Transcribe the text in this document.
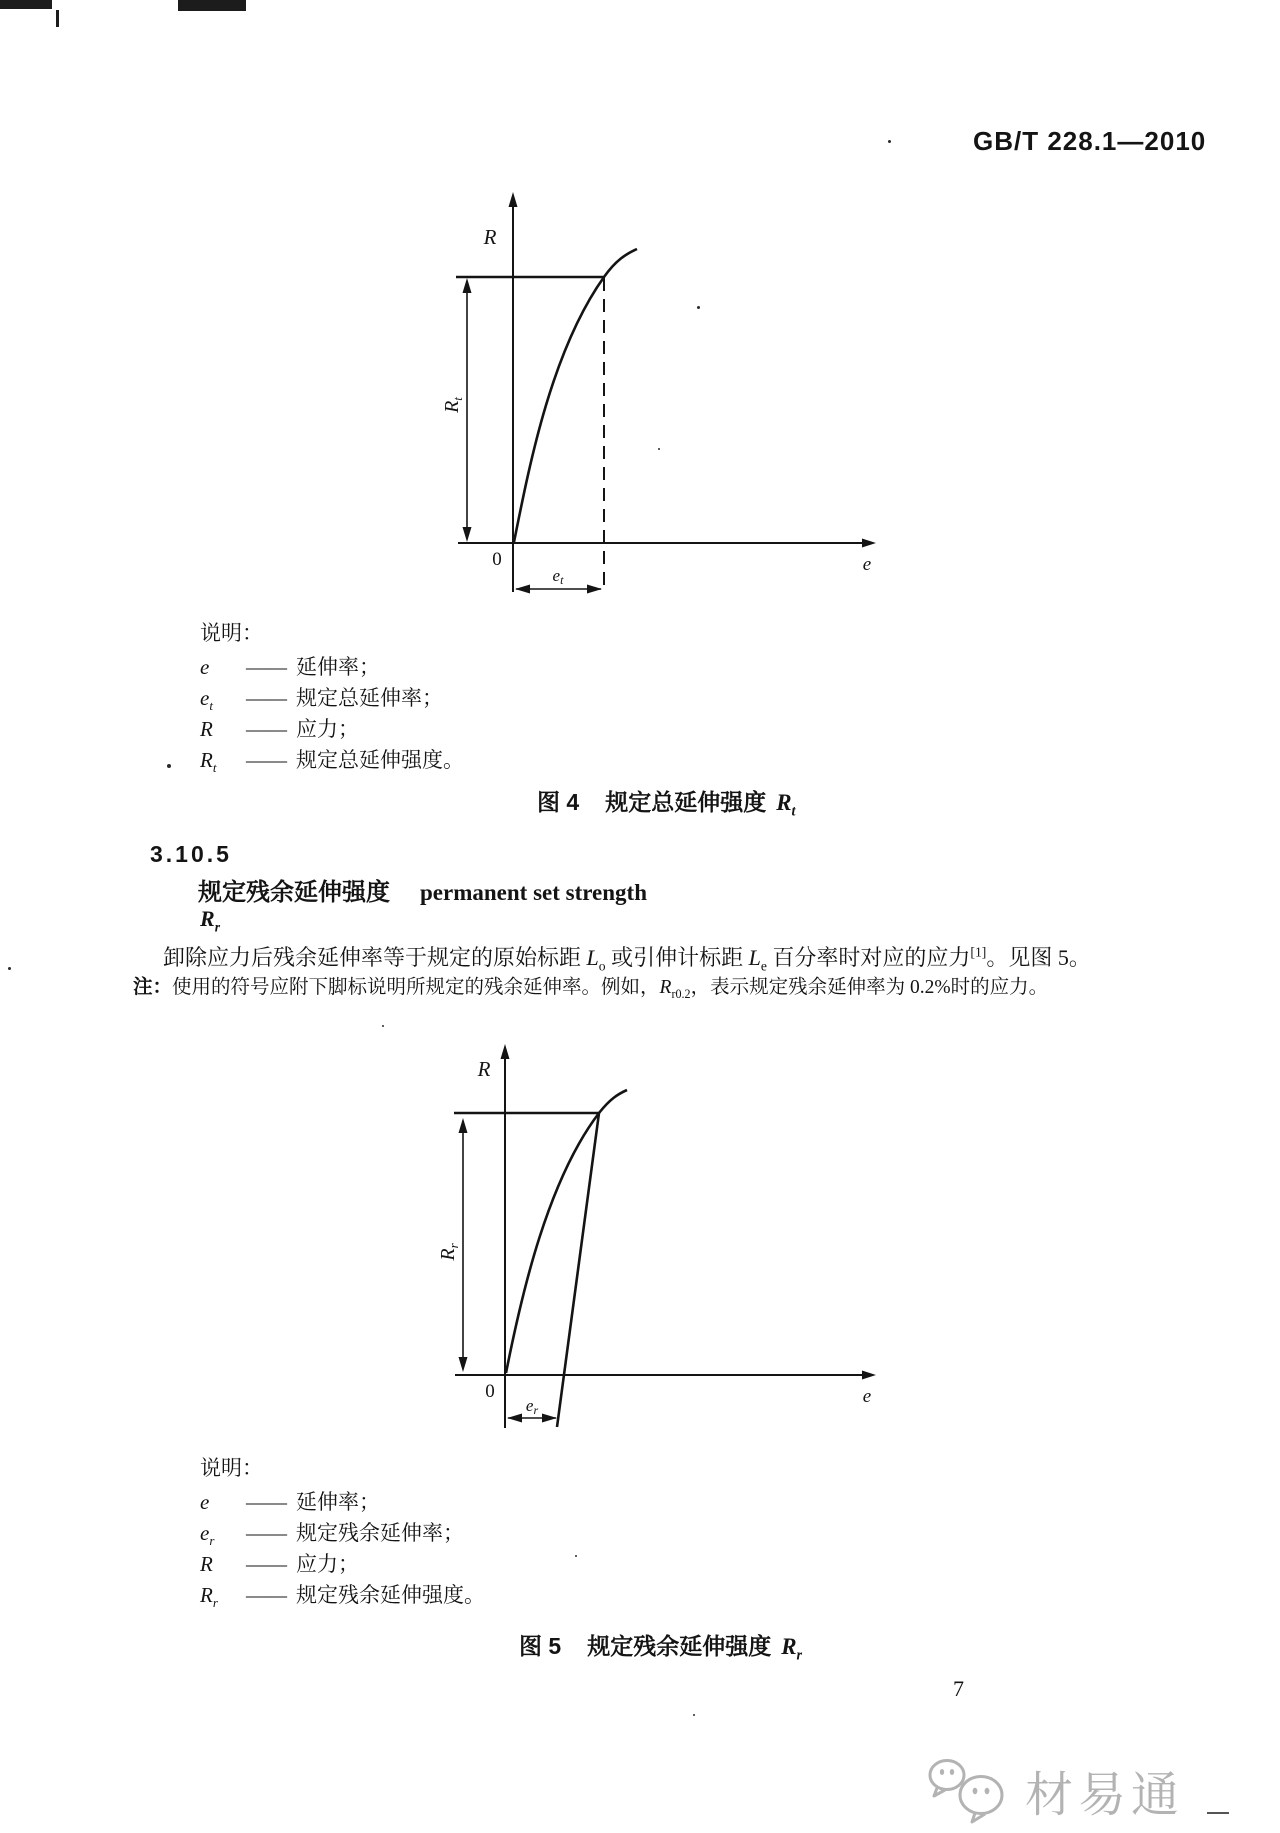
GB/T 228.1—2010
$R_t$
et
R
0	e
说明：
e	—— 延伸率；
$e_t$	—— 规定总延伸率；
R	—— 应力；
$R_t$	—— 规定总延伸强度。
图 4 规定总延伸强度 $R_t$
3.10.5
规定残余延伸强度 permanent set strength
$R_r$
卸除应力后残余延伸率等于规定的原始标距 $L_o$ 或引伸计标距 $L_e$ 百分率时对应的应力[1]。见图 5。
注：使用的符号应附下脚标说明所规定的残余延伸率。例如，$R_{r0.2}$，表示规定残余延伸率为 0.2%时的应力。
$R_r$
er
R
0	e
说明：
e	—— 延伸率；
$e_r$	—— 规定残余延伸率；
R	—— 应力；
$R_r$	—— 规定残余延伸强度。
图 5 规定残余延伸强度 $R_r$
7
材易通
